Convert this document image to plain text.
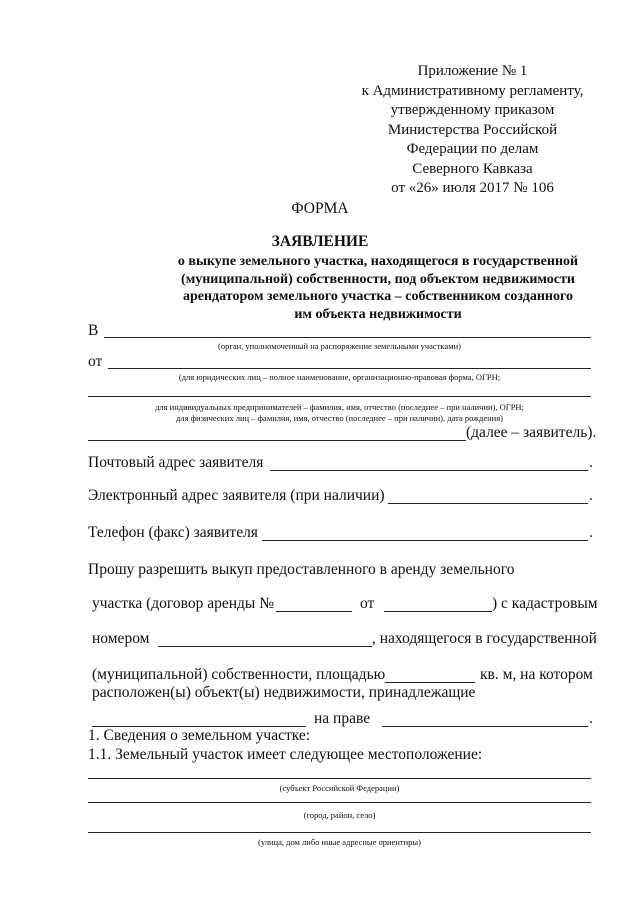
Приложение № 1
к Административному регламенту,
утвержденному приказом
Министерства Российской
Федерации по делам
Северного Кавказа
от «26» июля 2017 № 106
ФОРМА
ЗАЯВЛЕНИЕ
о выкупе земельного участка, находящегося в государственной
(муниципальной) собственности, под объектом недвижимости
арендатором земельного участка – собственником созданного
им объекта недвижимости
В
(орган, уполномоченный на распоряжение земельными участками)
от
(для юридических лиц – полное наименование, организационно-правовая форма, ОГРН;
для индивидуальных предпринимателей – фамилия, имя, отчество (последнее – при наличии), ОГРН;
для физических лиц – фамилия, имя, отчество (последнее – при наличии), дата рождения)
(далее – заявитель).
Почтовый адрес заявителя	.
Электронный адрес заявителя (при наличии)	.
Телефон (факс) заявителя	.
Прошу разрешить выкуп предоставленного в аренду земельного
участка (договор аренды №	от	) с кадастровым
номером	, находящегося в государственной
(муниципальной) собственности, площадью	кв. м, на котором
расположен(ы) объект(ы) недвижимости, принадлежащие
на праве	.
1. Сведения о земельном участке:
1.1. Земельный участок имеет следующее местоположение:
(субъект Российской Федерации)
(город, район, село)
(улица, дом либо иные адресные ориентиры)
